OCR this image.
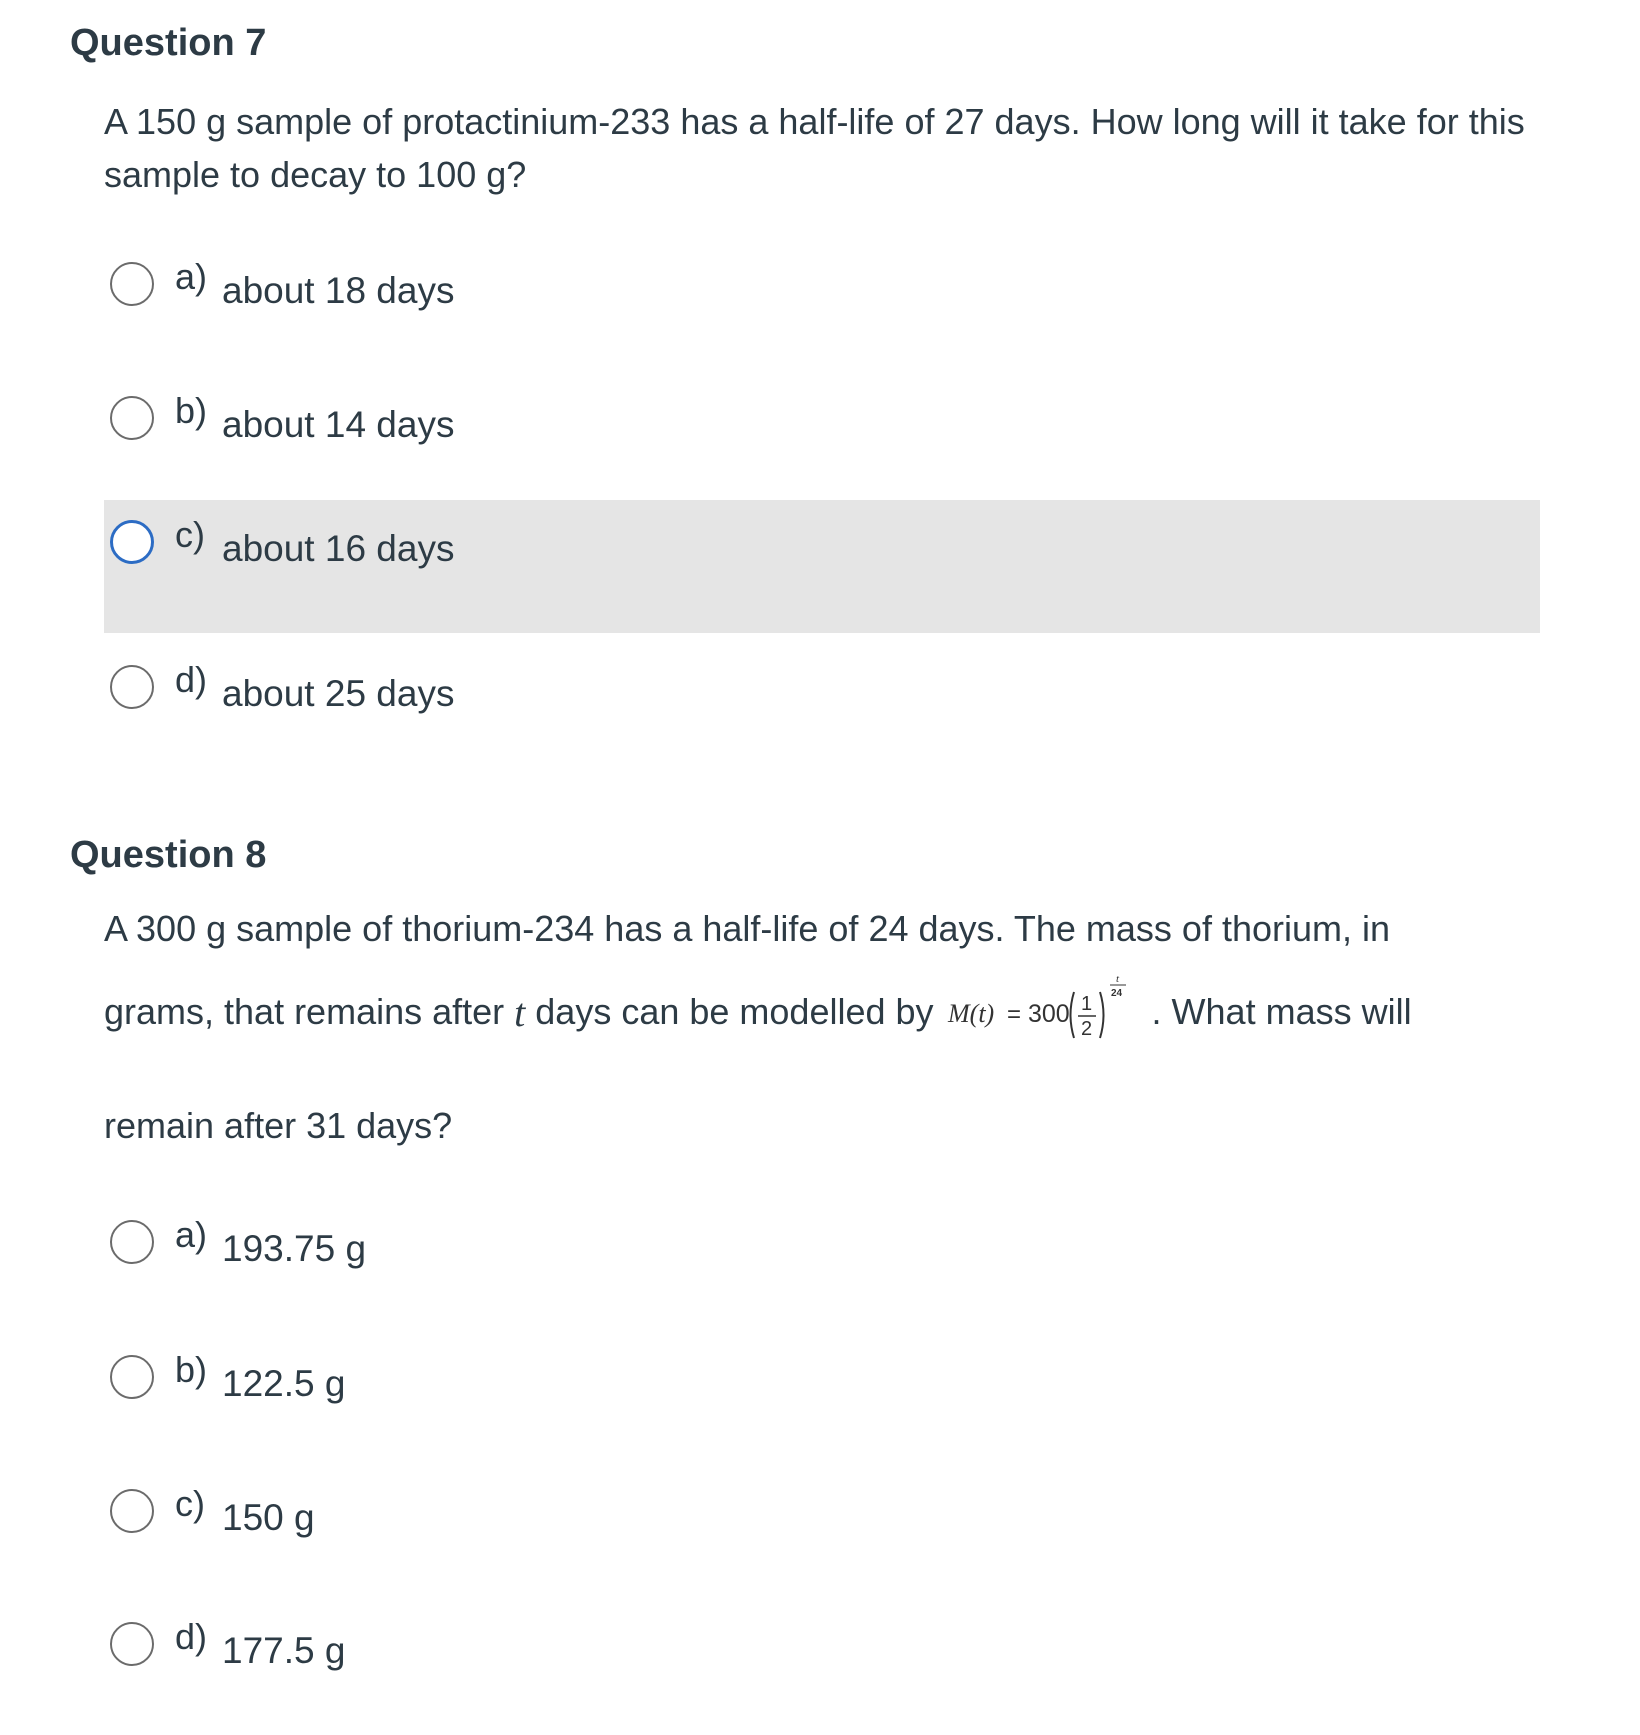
Question 7

A 150 g sample of protactinium-233 has a half-life of 27 days. How long will it take for this sample to decay to 100 g?

a) about 18 days
b) about 14 days
c) about 16 days
d) about 25 days
Question 8
A 300 g sample of thorium-234 has a half-life of 24 days. The mass of thorium, in
grams, that remains after t days can be modelled by M(t) = 300 1
2
t
24 . What mass will
remain after 31 days?
a) 193.75 g
b) 122.5 g
c) 150 g
d) 177.5 g
